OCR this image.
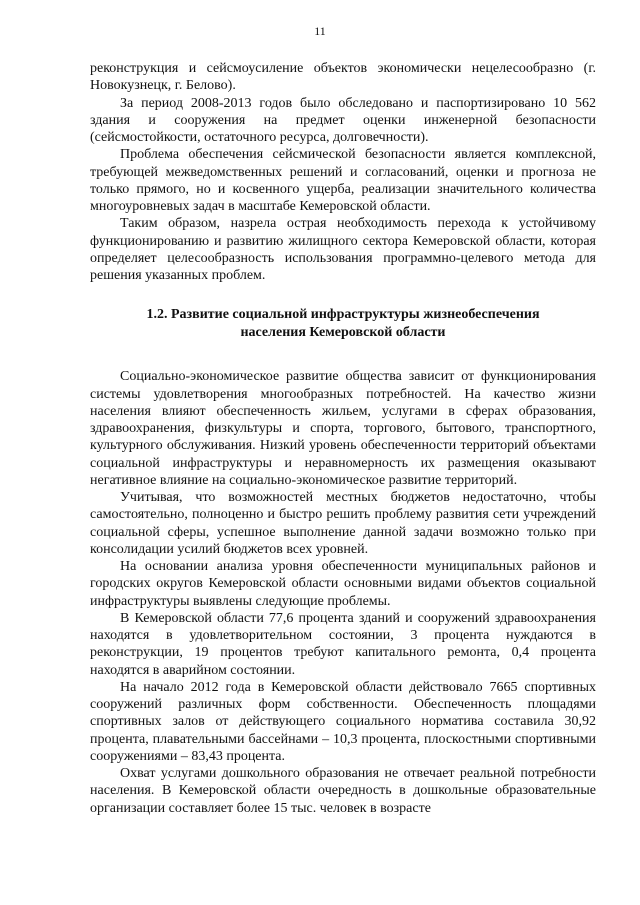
11

реконструкция и сейсмоусиление объектов экономически нецелесообразно (г. Новокузнецк, г. Белово).

За период 2008-2013 годов было обследовано и паспортизировано 10 562 здания и сооружения на предмет оценки инженерной безопасности (сейсмостойкости, остаточного ресурса, долговечности).

Проблема обеспечения сейсмической безопасности является комплексной, требующей межведомственных решений и согласований, оценки и прогноза не только прямого, но и косвенного ущерба, реализации значительного количества многоуровневых задач в масштабе Кемеровской области.

Таким образом, назрела острая необходимость перехода к устойчивому функционированию и развитию жилищного сектора Кемеровской области, которая определяет целесообразность использования программно-целевого метода для решения указанных проблем.

1.2. Развитие социальной инфраструктуры жизнеобеспечения
населения Кемеровской области

Социально-экономическое развитие общества зависит от функционирования системы удовлетворения многообразных потребностей. На качество жизни населения влияют обеспеченность жильем, услугами в сферах образования, здравоохранения, физкультуры и спорта, торгового, бытового, транспортного, культурного обслуживания. Низкий уровень обеспеченности территорий объектами социальной инфраструктуры и неравномерность их размещения оказывают негативное влияние на социально-экономическое развитие территорий.

Учитывая, что возможностей местных бюджетов недостаточно, чтобы самостоятельно, полноценно и быстро решить проблему развития сети учреждений социальной сферы, успешное выполнение данной задачи возможно только при консолидации усилий бюджетов всех уровней.

На основании анализа уровня обеспеченности муниципальных районов и городских округов Кемеровской области основными видами объектов социальной инфраструктуры выявлены следующие проблемы.

В Кемеровской области 77,6 процента зданий и сооружений здравоохранения находятся в удовлетворительном состоянии, 3 процента нуждаются в реконструкции, 19 процентов требуют капитального ремонта, 0,4 процента находятся в аварийном состоянии.

На начало 2012 года в Кемеровской области действовало 7665 спортивных сооружений различных форм собственности. Обеспеченность площадями спортивных залов от действующего социального норматива составила 30,92 процента, плавательными бассейнами – 10,3 процента, плоскостными спортивными сооружениями – 83,43 процента.

Охват услугами дошкольного образования не отвечает реальной потребности населения. В Кемеровской области очередность в дошкольные образовательные организации составляет более 15 тыс. человек в возрасте
